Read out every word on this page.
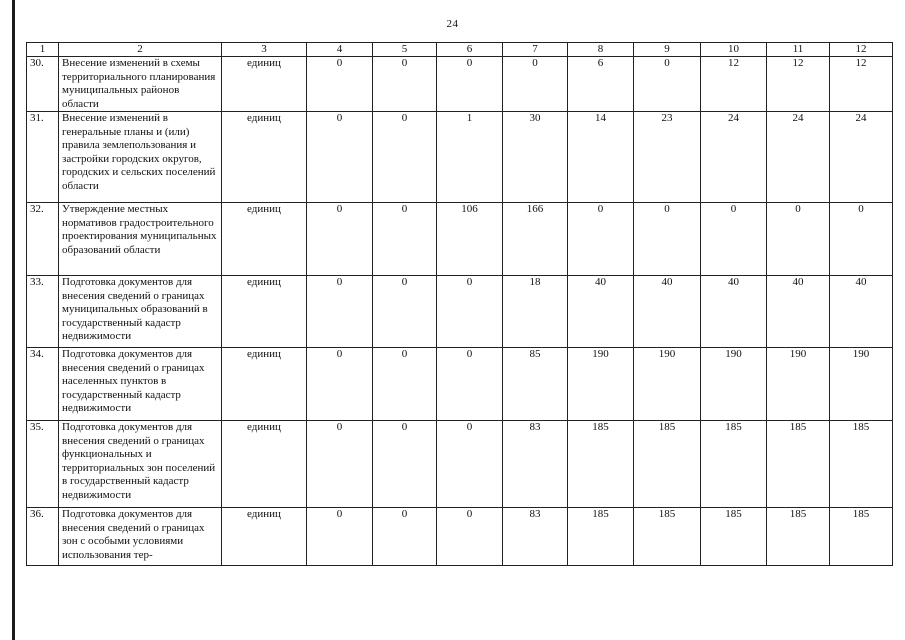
24
1	2	3	4	5	6	7	8	9	10	11	12
30.	Внесение изменений в схемы территориального планирования муниципальных районов области	единиц	0	0	0	0	6	0	12	12	12
31.	Внесение изменений в генеральные планы и (или) правила землепользования и застройки городских округов, городских и сельских поселений области	единиц	0	0	1	30	14	23	24	24	24
32.	Утверждение местных нормативов градостроительного проектирования муниципальных образований области	единиц	0	0	106	166	0	0	0	0	0
33.	Подготовка документов для внесения сведений о границах муниципальных образований в государственный кадастр недвижимости	единиц	0	0	0	18	40	40	40	40	40
34.	Подготовка документов для внесения сведений о границах населенных пунктов в государственный кадастр недвижимости	единиц	0	0	0	85	190	190	190	190	190
35.	Подготовка документов для внесения сведений о границах функциональных и территориальных зон поселений в государственный кадастр недвижимости	единиц	0	0	0	83	185	185	185	185	185
36.	Подготовка документов для внесения сведений о границах зон с особыми условиями использования тер-	единиц	0	0	0	83	185	185	185	185	185
